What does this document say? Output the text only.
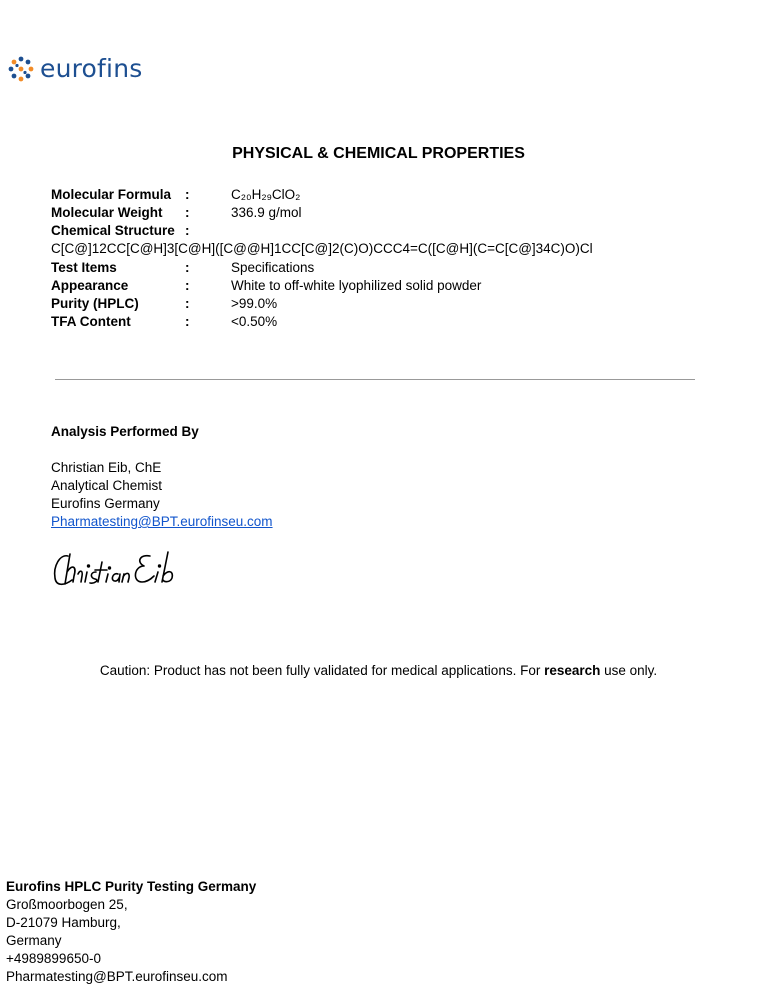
eurofins
PHYSICAL & CHEMICAL PROPERTIES
Molecular Formula :	C₂₀H₂₉ClO₂
Molecular Weight :	336.9 g/mol
Chemical Structure :
C[C@]12CC[C@H]3[C@H]([C@@H]1CC[C@]2(C)O)CCC4=C([C@H](C=C[C@]34C)O)Cl
Test Items	:	Specifications
Appearance	:	White to off-white lyophilized solid powder
Purity (HPLC)	:	>99.0%
TFA Content	:	<0.50%
Analysis Performed By
Christian Eib, ChE
Analytical Chemist
Eurofins Germany
Pharmatesting@BPT.eurofinseu.com
Caution: Product has not been fully validated for medical applications. For research use only.
Eurofins HPLC Purity Testing Germany
Großmoorbogen 25,
D-21079 Hamburg,
Germany
+4989899650-0
Pharmatesting@BPT.eurofinseu.com
